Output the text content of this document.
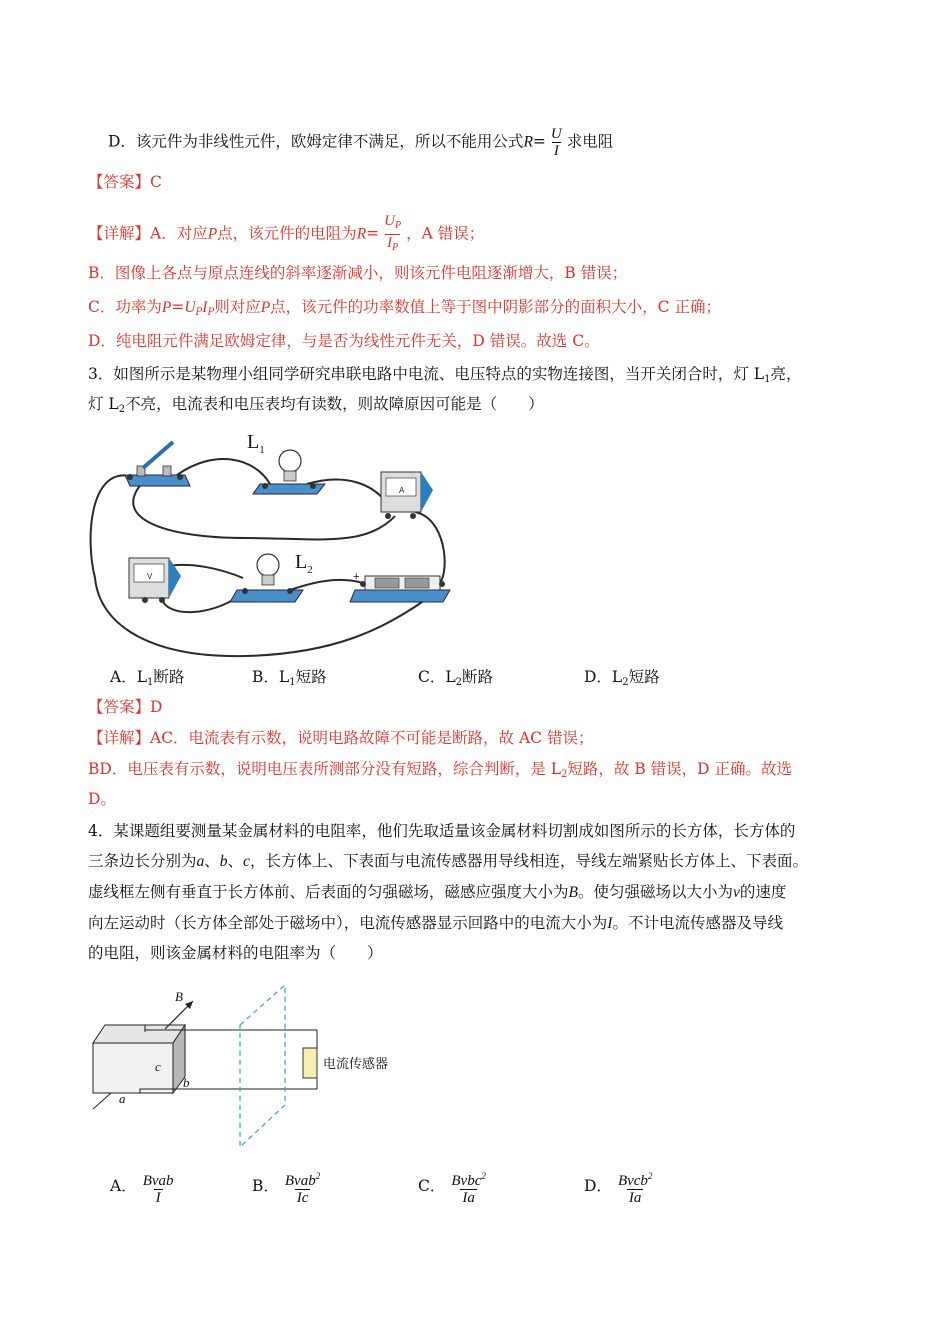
D．该元件为非线性元件，欧姆定律不满足，所以不能用公式$R= \frac{U}{I}$ 求电阻
【答案】C
【详解】A．对应P点，该元件的电阻为$R= \frac{U_P}{I_P}$ ，A 错误；
B．图像上各点与原点连线的斜率逐渐减小，则该元件电阻逐渐增大，B 错误；
C．功率为$P=U_PI_P$则对应P点，该元件的功率数值上等于图中阴影部分的面积大小，C 正确；
D．纯电阻元件满足欧姆定律，与是否为线性元件无关，D 错误。故选 C。
3．如图所示是某物理小组同学研究串联电路中电流、电压特点的实物连接图，当开关闭合时，灯 $L_1$亮，
灯 $L_2$不亮，电流表和电压表均有读数，则故障原因可能是（　　）
$L_1$
A
V
$L_2$
+
A．$L_1$断路	B．$L_1$短路	C．$L_2$断路	D．$L_2$短路
【答案】D
【详解】AC．电流表有示数，说明电路故障不可能是断路，故 AC 错误；
BD．电压表有示数，说明电压表所测部分没有短路，综合判断，是 $L_2$短路，故 B 错误，D 正确。故选
D。
4．某课题组要测量某金属材料的电阻率，他们先取适量该金属材料切割成如图所示的长方体，长方体的
三条边长分别为a、b、c，长方体上、下表面与电流传感器用导线相连，导线左端紧贴长方体上、下表面。
虚线框左侧有垂直于长方体前、后表面的匀强磁场，磁感应强度大小为B。使匀强磁场以大小为v的速度
向左运动时（长方体全部处于磁场中），电流传感器显示回路中的电流大小为I。不计电流传感器及导线
的电阻，则该金属材料的电阻率为（　　）
B
a
b
c	电流传感器
A． $\frac{\text{Bvab}}{I}$	B． $\frac{Bvab^2}{Ic}$	C． $\frac{Bvbc^2}{Ia}$	D． $\frac{Bvcb^2}{Ia}$
